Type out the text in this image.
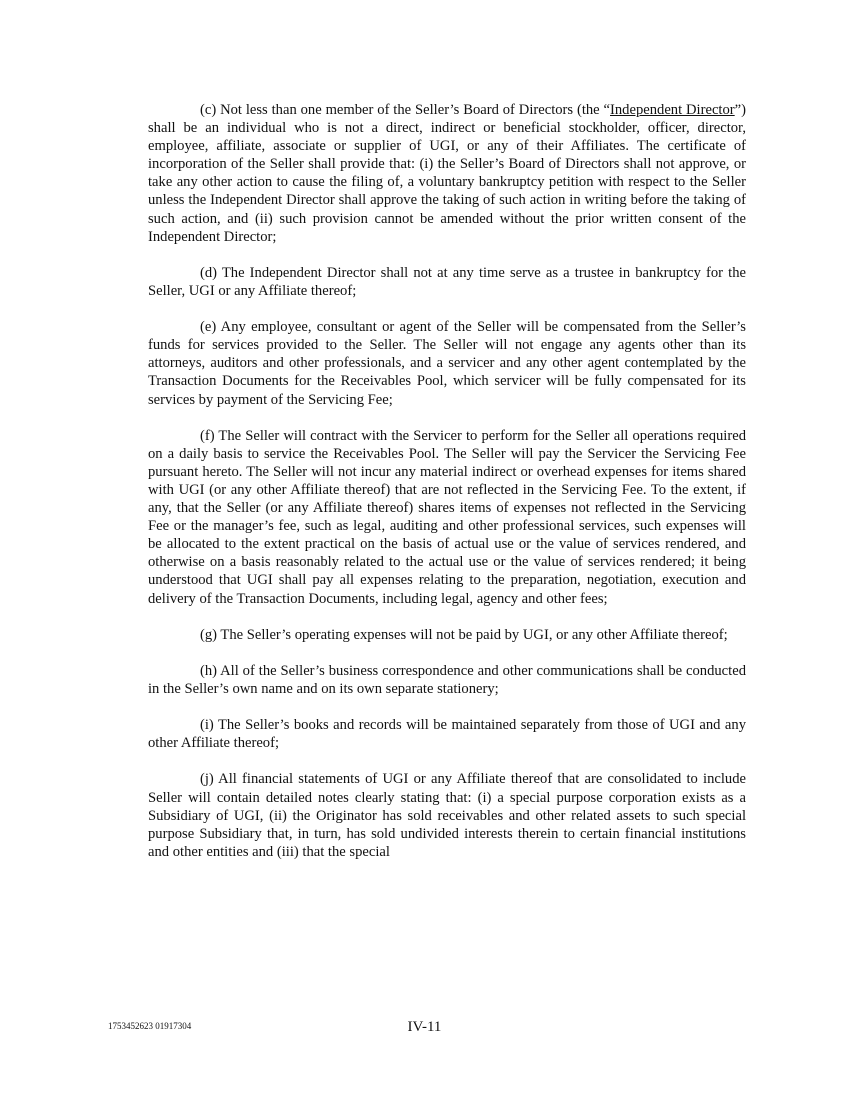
(c) Not less than one member of the Seller’s Board of Directors (the “Independent Director”) shall be an individual who is not a direct, indirect or beneficial stockholder, officer, director, employee, affiliate, associate or supplier of UGI, or any of their Affiliates. The certificate of incorporation of the Seller shall provide that: (i) the Seller’s Board of Directors shall not approve, or take any other action to cause the filing of, a voluntary bankruptcy petition with respect to the Seller unless the Independent Director shall approve the taking of such action in writing before the taking of such action, and (ii) such provision cannot be amended without the prior written consent of the Independent Director;

(d) The Independent Director shall not at any time serve as a trustee in bankruptcy for the Seller, UGI or any Affiliate thereof;

(e) Any employee, consultant or agent of the Seller will be compensated from the Seller’s funds for services provided to the Seller. The Seller will not engage any agents other than its attorneys, auditors and other professionals, and a servicer and any other agent contemplated by the Transaction Documents for the Receivables Pool, which servicer will be fully compensated for its services by payment of the Servicing Fee;

(f) The Seller will contract with the Servicer to perform for the Seller all operations required on a daily basis to service the Receivables Pool. The Seller will pay the Servicer the Servicing Fee pursuant hereto. The Seller will not incur any material indirect or overhead expenses for items shared with UGI (or any other Affiliate thereof) that are not reflected in the Servicing Fee. To the extent, if any, that the Seller (or any Affiliate thereof) shares items of expenses not reflected in the Servicing Fee or the manager’s fee, such as legal, auditing and other professional services, such expenses will be allocated to the extent practical on the basis of actual use or the value of services rendered, and otherwise on a basis reasonably related to the actual use or the value of services rendered; it being understood that UGI shall pay all expenses relating to the preparation, negotiation, execution and delivery of the Transaction Documents, including legal, agency and other fees;

(g) The Seller’s operating expenses will not be paid by UGI, or any other Affiliate thereof;

(h) All of the Seller’s business correspondence and other communications shall be conducted in the Seller’s own name and on its own separate stationery;

(i) The Seller’s books and records will be maintained separately from those of UGI and any other Affiliate thereof;

(j) All financial statements of UGI or any Affiliate thereof that are consolidated to include Seller will contain detailed notes clearly stating that: (i) a special purpose corporation exists as a Subsidiary of UGI, (ii) the Originator has sold receivables and other related assets to such special purpose Subsidiary that, in turn, has sold undivided interests therein to certain financial institutions and other entities and (iii) that the special

1753452623 01917304	IV-11
